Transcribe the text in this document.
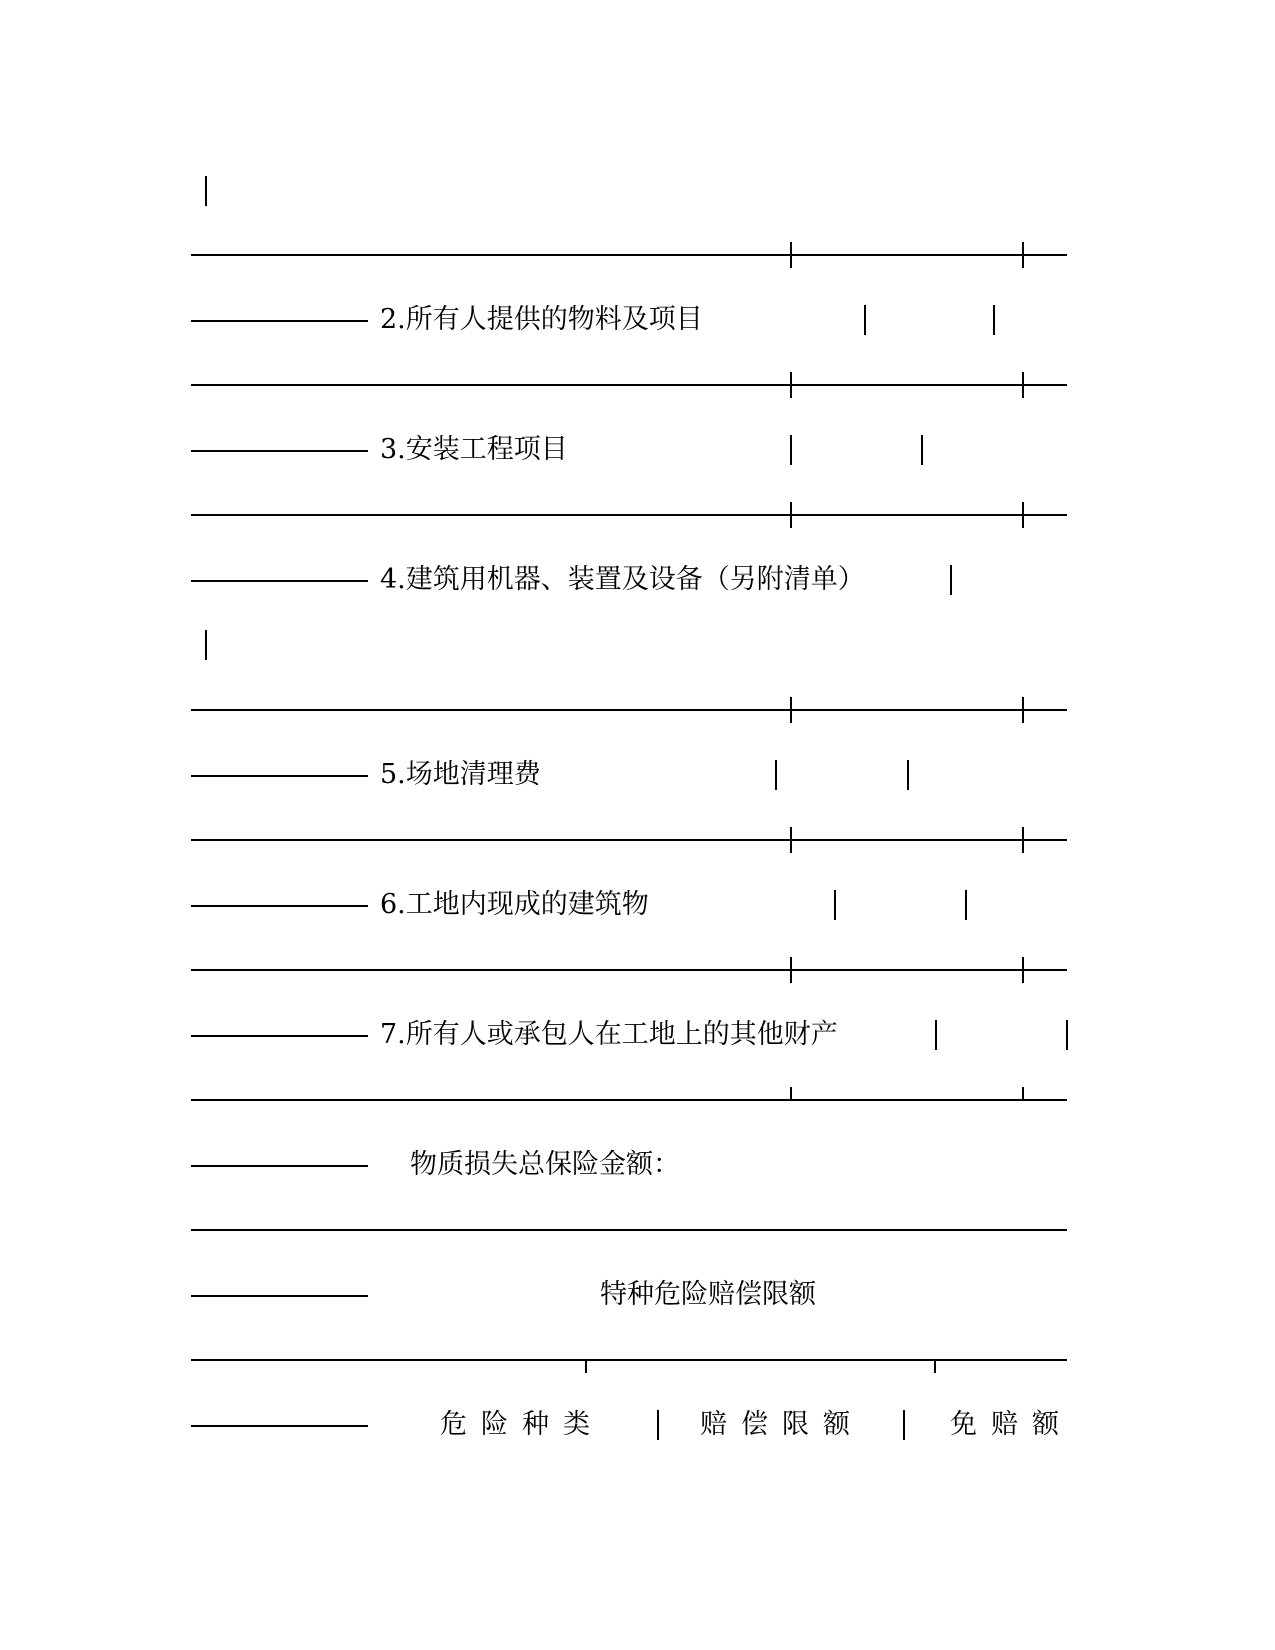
2.所有人提供的物料及项目
3.安装工程项目
4.建筑用机器、装置及设备（另附清单）
5.场地清理费
6.工地内现成的建筑物
7.所有人或承包人在工地上的其他财产
物质损失总保险金额：
特种危险赔偿限额
危险种类	赔偿限额	免赔额
